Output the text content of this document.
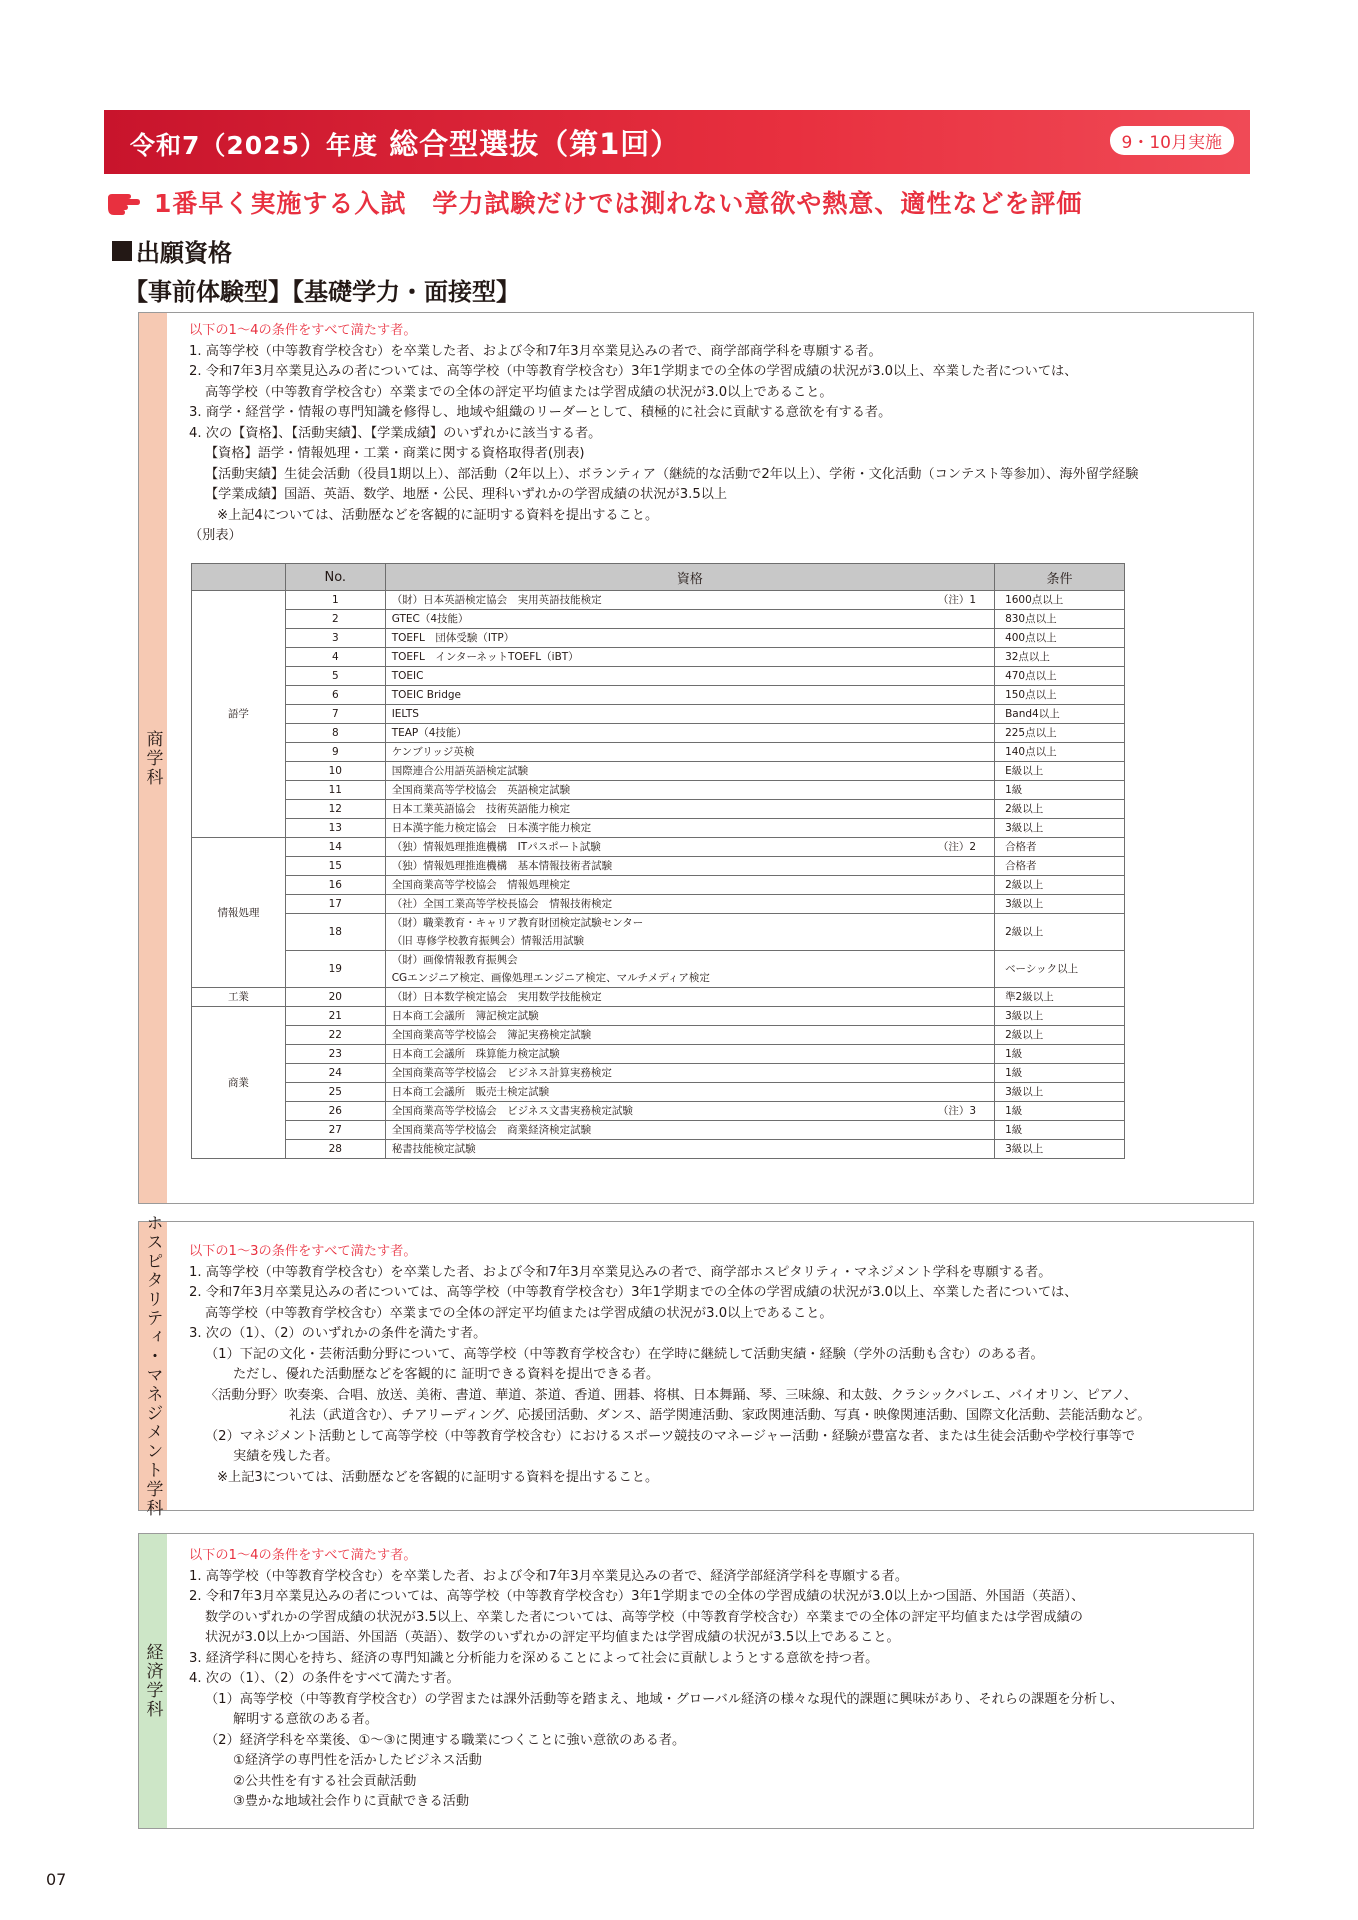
令和7（2025）年度 総合型選抜（第1回）	9・10月実施
1番早く実施する入試　学力試験だけでは測れない意欲や熱意、適性などを評価
出願資格
【事前体験型】【基礎学力・面接型】
商学科
以下の1～4の条件をすべて満たす者。
1. 高等学校（中等教育学校含む）を卒業した者、および令和7年3月卒業見込みの者で、商学部商学科を専願する者。
2. 令和7年3月卒業見込みの者については、高等学校（中等教育学校含む）3年1学期までの全体の学習成績の状況が3.0以上、卒業した者については、
高等学校（中等教育学校含む）卒業までの全体の評定平均値または学習成績の状況が3.0以上であること。
3. 商学・経営学・情報の専門知識を修得し、地域や組織のリーダーとして、積極的に社会に貢献する意欲を有する者。
4. 次の【資格】、【活動実績】、【学業成績】のいずれかに該当する者。
【資格】語学・情報処理・工業・商業に関する資格取得者(別表)
【活動実績】生徒会活動（役員1期以上）、部活動（2年以上）、ボランティア（継続的な活動で2年以上）、学術・文化活動（コンテスト等参加）、海外留学経験
【学業成績】国語、英語、数学、地歴・公民、理科いずれかの学習成績の状況が3.5以上
※上記4については、活動歴などを客観的に証明する資料を提出すること。
（別表）
	No.	資格	条件
語学	1	（財）日本英語検定協会　実用英語技能検定 （注）1	1600点以上
	2	GTEC（4技能）	830点以上
	3	TOEFL　団体受験（ITP）	400点以上
	4	TOEFL　インターネットTOEFL（iBT）	32点以上
	5	TOEIC	470点以上
	6	TOEIC Bridge	150点以上
	7	IELTS	Band4以上
	8	TEAP（4技能）	225点以上
	9	ケンブリッジ英検	140点以上
	10	国際連合公用語英語検定試験	E級以上
	11	全国商業高等学校協会　英語検定試験	1級
	12	日本工業英語協会　技術英語能力検定	2級以上
	13	日本漢字能力検定協会　日本漢字能力検定	3級以上
情報処理	14	（独）情報処理推進機構　ITパスポート試験 （注）2	合格者
	15	（独）情報処理推進機構　基本情報技術者試験	合格者
	16	全国商業高等学校協会　情報処理検定	2級以上
	17	（社）全国工業高等学校長協会　情報技術検定	3級以上
	18	（財）職業教育・キャリア教育財団検定試験センター
（旧 専修学校教育振興会）情報活用試験	2級以上
	19	（財）画像情報教育振興会
CGエンジニア検定、画像処理エンジニア検定、マルチメディア検定	ベーシック以上
工業	20	（財）日本数学検定協会　実用数学技能検定	準2級以上
商業	21	日本商工会議所　簿記検定試験	3級以上
	22	全国商業高等学校協会　簿記実務検定試験	2級以上
	23	日本商工会議所　珠算能力検定試験	1級
	24	全国商業高等学校協会　ビジネス計算実務検定	1級
	25	日本商工会議所　販売士検定試験	3級以上
	26	全国商業高等学校協会　ビジネス文書実務検定試験 （注）3	1級
	27	全国商業高等学校協会　商業経済検定試験	1級
	28	秘書技能検定試験	3級以上
ホスピタリティ・マネジメント学科 以下の1～3の条件をすべて満たす者。
1. 高等学校（中等教育学校含む）を卒業した者、および令和7年3月卒業見込みの者で、商学部ホスピタリティ・マネジメント学科を専願する者。
2. 令和7年3月卒業見込みの者については、高等学校（中等教育学校含む）3年1学期までの全体の学習成績の状況が3.0以上、卒業した者については、
高等学校（中等教育学校含む）卒業までの全体の評定平均値または学習成績の状況が3.0以上であること。
3. 次の（1）、（2）のいずれかの条件を満たす者。
（1）下記の文化・芸術活動分野について、高等学校（中等教育学校含む）在学時に継続して活動実績・経験（学外の活動も含む）のある者。
ただし、優れた活動歴などを客観的に 証明できる資料を提出できる者。
〈活動分野〉吹奏楽、合唱、放送、美術、書道、華道、茶道、香道、囲碁、将棋、日本舞踊、琴、三味線、和太鼓、クラシックバレエ、バイオリン、ピアノ、
礼法（武道含む）、チアリーディング、応援団活動、ダンス、語学関連活動、家政関連活動、写真・映像関連活動、国際文化活動、芸能活動など。
（2）マネジメント活動として高等学校（中等教育学校含む）におけるスポーツ競技のマネージャー活動・経験が豊富な者、または生徒会活動や学校行事等で
実績を残した者。
※上記3については、活動歴などを客観的に証明する資料を提出すること。
経済学科
以下の1～4の条件をすべて満たす者。
1. 高等学校（中等教育学校含む）を卒業した者、および令和7年3月卒業見込みの者で、経済学部経済学科を専願する者。
2. 令和7年3月卒業見込みの者については、高等学校（中等教育学校含む）3年1学期までの全体の学習成績の状況が3.0以上かつ国語、外国語（英語）、
数学のいずれかの学習成績の状況が3.5以上、卒業した者については、高等学校（中等教育学校含む）卒業までの全体の評定平均値または学習成績の
状況が3.0以上かつ国語、外国語（英語）、数学のいずれかの評定平均値または学習成績の状況が3.5以上であること。
3. 経済学科に関心を持ち、経済の専門知識と分析能力を深めることによって社会に貢献しようとする意欲を持つ者。
4. 次の（1）、（2）の条件をすべて満たす者。
（1）高等学校（中等教育学校含む）の学習または課外活動等を踏まえ、地域・グローバル経済の様々な現代的課題に興味があり、それらの課題を分析し、
解明する意欲のある者。
（2）経済学科を卒業後、①～③に関連する職業につくことに強い意欲のある者。
①経済学の専門性を活かしたビジネス活動
②公共性を有する社会貢献活動
③豊かな地域社会作りに貢献できる活動
07
